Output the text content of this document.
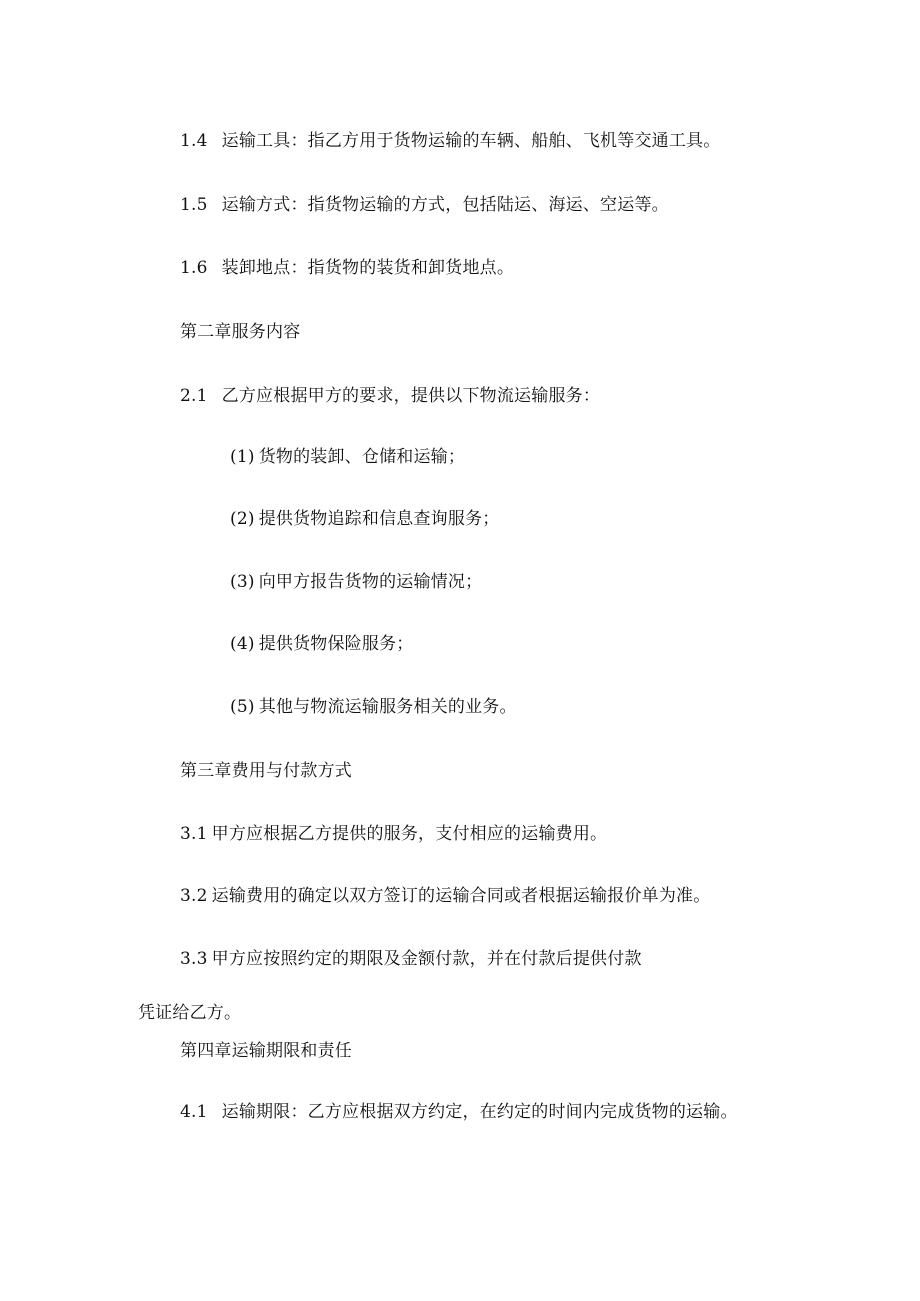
1.4 运输工具：指乙方用于货物运输的车辆、船舶、飞机等交通工具。
1.5 运输方式：指货物运输的方式，包括陆运、海运、空运等。
1.6 装卸地点：指货物的装货和卸货地点。
第二章服务内容
2.1 乙方应根据甲方的要求，提供以下物流运输服务：
(1) 货物的装卸、仓储和运输；
(2) 提供货物追踪和信息查询服务；
(3) 向甲方报告货物的运输情况；
(4) 提供货物保险服务；
(5) 其他与物流运输服务相关的业务。
第三章费用与付款方式
3.1 甲方应根据乙方提供的服务，支付相应的运输费用。
3.2 运输费用的确定以双方签订的运输合同或者根据运输报价单为准。
3.3 甲方应按照约定的期限及金额付款，并在付款后提供付款
凭证给乙方。
第四章运输期限和责任
4.1 运输期限：乙方应根据双方约定，在约定的时间内完成货物的运输。
